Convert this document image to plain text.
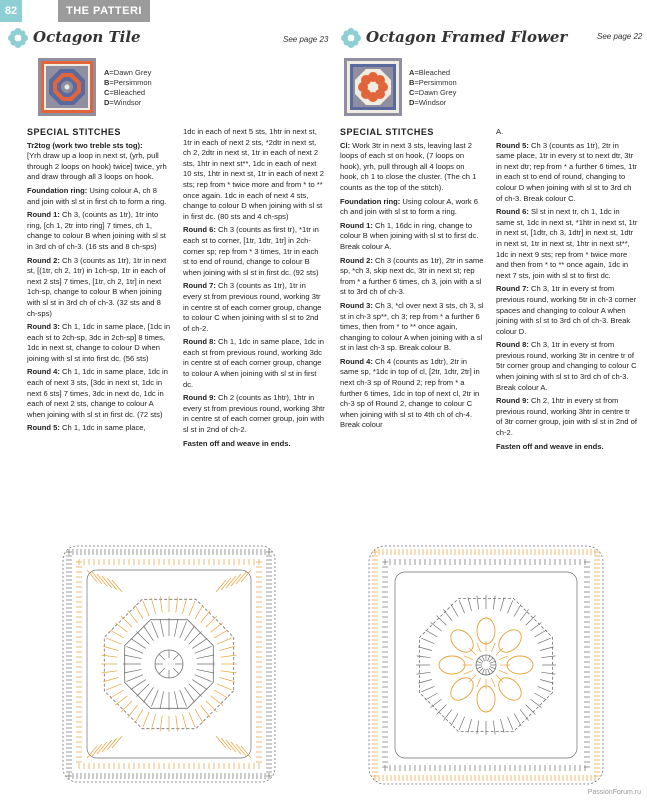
82	THE PATTERI
Octagon Tile	See page 23
A=Dawn Grey
B=Persimmon
C=Bleached
D=Windsor
Octagon Framed Flower	See page 22
A=Bleached
B=Persimmon
C=Dawn Grey
D=Windsor
SPECIAL STITCHES

Tr2tog (work two treble sts tog):

[Yrh draw up a loop in next st, (yrh, pull through 2 loops on hook) twice] twice, yrh and draw through all 3 loops on hook.

Foundation ring: Using colour A, ch 8 and join with sl st in first ch to form a ring.

Round 1: Ch 3, (counts as 1tr), 1tr into ring, [ch 1, 2tr into ring] 7 times, ch 1, change to colour B when joining with sl st in 3rd ch of ch-3. (16 sts and 8 ch-sps)

Round 2: Ch 3 (counts as 1tr), 1tr in next st, [(1tr, ch 2, 1tr) in 1ch-sp, 1tr in each of next 2 sts] 7 times, [1tr, ch 2, 1tr] in next 1ch-sp, change to colour B when joining with sl st in 3rd ch of ch-3. (32 sts and 8 ch-sps)

Round 3: Ch 1, 1dc in same place, [1dc in each st to 2ch-sp, 3dc in 2ch-sp] 8 times, 1dc in next st, change to colour D when joining with sl st into first dc. (56 sts)

Round 4: Ch 1, 1dc in same place, 1dc in each of next 3 sts, [3dc in next st, 1dc in next 6 sts] 7 times, 3dc in next dc, 1dc in each of next 2 sts, change to colour A when joining with sl st in first dc. (72 sts)

Round 5: Ch 1, 1dc in same place,

1dc in each of next 5 sts, 1htr in next st, 1tr in each of next 2 sts, *2dtr in next st, ch 2, 2dtr in next st, 1tr in each of next 2 sts, 1htr in next st**, 1dc in each of next 10 sts, 1htr in next st, 1tr in each of next 2 sts; rep from * twice more and from * to ** once again. 1dc in each of next 4 sts, change to colour D when joining with sl st in first dc. (80 sts and 4 ch-sps)

Round 6: Ch 3 (counts as first tr), *1tr in each st to corner, [1tr, 1dtr, 1tr] in 2ch-corner sp; rep from * 3 times, 1tr in each st to end of round, change to colour B when joining with sl st in first dc. (92 sts)

Round 7: Ch 3 (counts as 1tr), 1tr in every st from previous round, working 3tr in centre st of each corner group, change to colour C when joining with sl st to 2nd of ch-2.

Round 8: Ch 1, 1dc in same place, 1dc in each st from previous round, working 3dc in centre st of each corner group, change to colour A when joining with sl st in first dc.

Round 9: Ch 2 (counts as 1htr), 1htr in every st from previous round, working 3htr in centre st of each corner group, join with sl st in 2nd of ch-2.

Fasten off and weave in ends.

SPECIAL STITCHES

Cl: Work 3tr in next 3 sts, leaving last 2 loops of each st on hook, (7 loops on hook), yrh, pull through all 4 loops on hook, ch 1 to close the cluster. (The ch 1 counts as the top of the stitch).

Foundation ring: Using colour A, work 6 ch and join with sl st to form a ring.

Round 1: Ch 1, 16dc in ring, change to colour B when joining with sl st to first dc. Break colour A.

Round 2: Ch 3 (counts as 1tr), 2tr in same sp, *ch 3, skip next dc, 3tr in next st; rep from * a further 6 times, ch 3, join with a sl st to 3rd ch of ch-3.

Round 3: Ch 3, *cl over next 3 sts, ch 3, sl st in ch-3 sp**, ch 3; rep from * a further 6 times, then from * to ** once again, changing to colour A when joining with a sl st in last ch-3 sp. Break colour B.

Round 4: Ch 4 (counts as 1dtr), 2tr in same sp, *1dc in top of cl, [2tr, 1dtr, 2tr] in next ch-3 sp of Round 2; rep from * a further 6 times, 1dc in top of next cl, 2tr in ch-3 sp of Round 2, change to colour C when joining with sl st to 4th ch of ch-4. Break colour

A.

Round 5: Ch 3 (counts as 1tr), 2tr in same place, 1tr in every st to next dtr, 3tr in next dtr; rep from * a further 6 times, 1tr in each st to end of round, changing to colour D when joining with sl st to 3rd ch of ch-3. Break colour C.

Round 6: Sl st in next tr, ch 1, 1dc in same st, 1dc in next st, *1htr in next st, 1tr in next st, [1dtr, ch 3, 1dtr] in next st, 1dtr in next st, 1tr in next st, 1htr in next st**, 1dc in next 9 sts; rep from * twice more and then from * to ** once again, 1dc in next 7 sts, join with sl st to first dc.

Round 7: Ch 3, 1tr in every st from previous round, working 5tr in ch-3 corner spaces and changing to colour A when joining with sl st to 3rd ch of ch-3. Break colour D.

Round 8: Ch 3, 1tr in every st from previous round, working 3tr in centre tr of 5tr corner group and changing to colour C when joining with sl st to 3rd ch of ch-3. Break colour A.

Round 9: Ch 2, 1htr in every st from previous round, working 3htr in centre tr of 3tr corner group, join with sl st in 2nd of ch-2.

Fasten off and weave in ends.

PassionForum.ru
